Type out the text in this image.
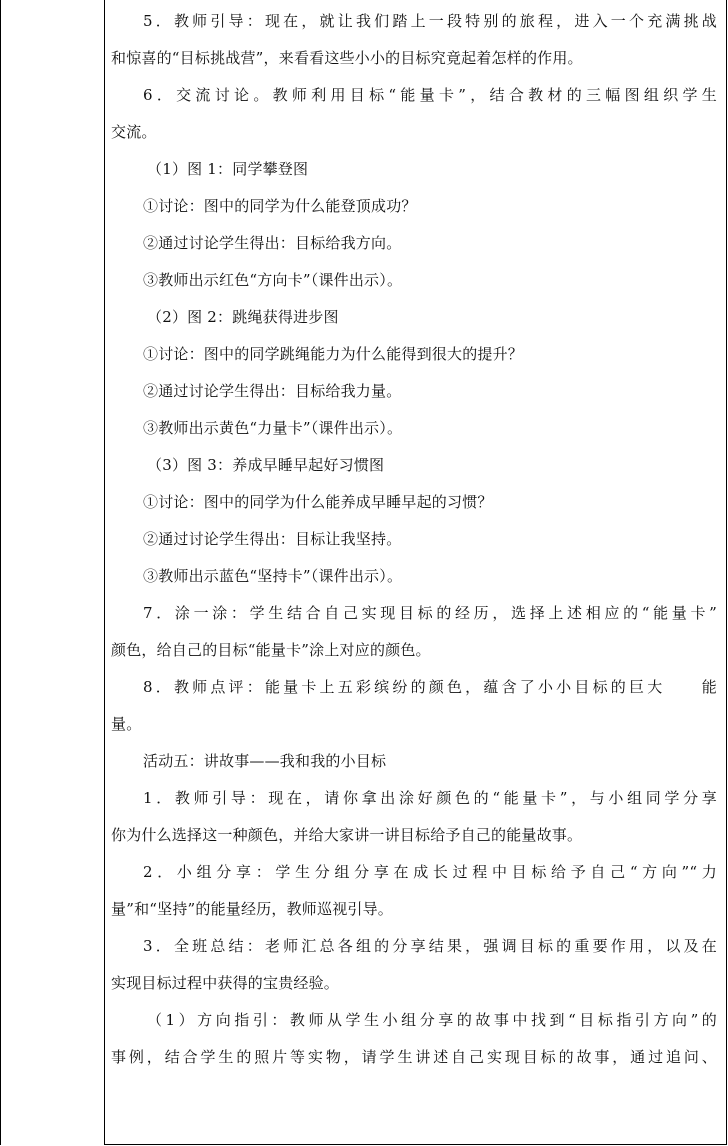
5．教师引导：现在，就让我们踏上一段特别的旅程，进入一个充满挑战
和惊喜的“目标挑战营”，来看看这些小小的目标究竟起着怎样的作用。
6．交流讨论。教师利用目标“能量卡”，结合教材的三幅图组织学生
交流。
（1）图 1：同学攀登图
①讨论：图中的同学为什么能登顶成功？
②通过讨论学生得出：目标给我方向。
③教师出示红色“方向卡”（课件出示）。
（2）图 2：跳绳获得进步图
①讨论：图中的同学跳绳能力为什么能得到很大的提升？
②通过讨论学生得出：目标给我力量。
③教师出示黄色“力量卡”（课件出示）。
（3）图 3：养成早睡早起好习惯图
①讨论：图中的同学为什么能养成早睡早起的习惯？
②通过讨论学生得出：目标让我坚持。
③教师出示蓝色“坚持卡”（课件出示）。
7．涂一涂：学生结合自己实现目标的经历，选择上述相应的“能量卡”
颜色，给自己的目标“能量卡”涂上对应的颜色。
8．教师点评：能量卡上五彩缤纷的颜色，蕴含了小小目标的巨大　　能
量。
活动五：讲故事——我和我的小目标
1．教师引导：现在，请你拿出涂好颜色的“能量卡”，与小组同学分享
你为什么选择这一种颜色，并给大家讲一讲目标给予自己的能量故事。
2．小组分享：学生分组分享在成长过程中目标给予自己“方向”“力
量”和“坚持”的能量经历，教师巡视引导。
3．全班总结：老师汇总各组的分享结果，强调目标的重要作用，以及在
实现目标过程中获得的宝贵经验。
（1）方向指引：教师从学生小组分享的故事中找到“目标指引方向”的
事例，结合学生的照片等实物，请学生讲述自己实现目标的故事，通过追问、
